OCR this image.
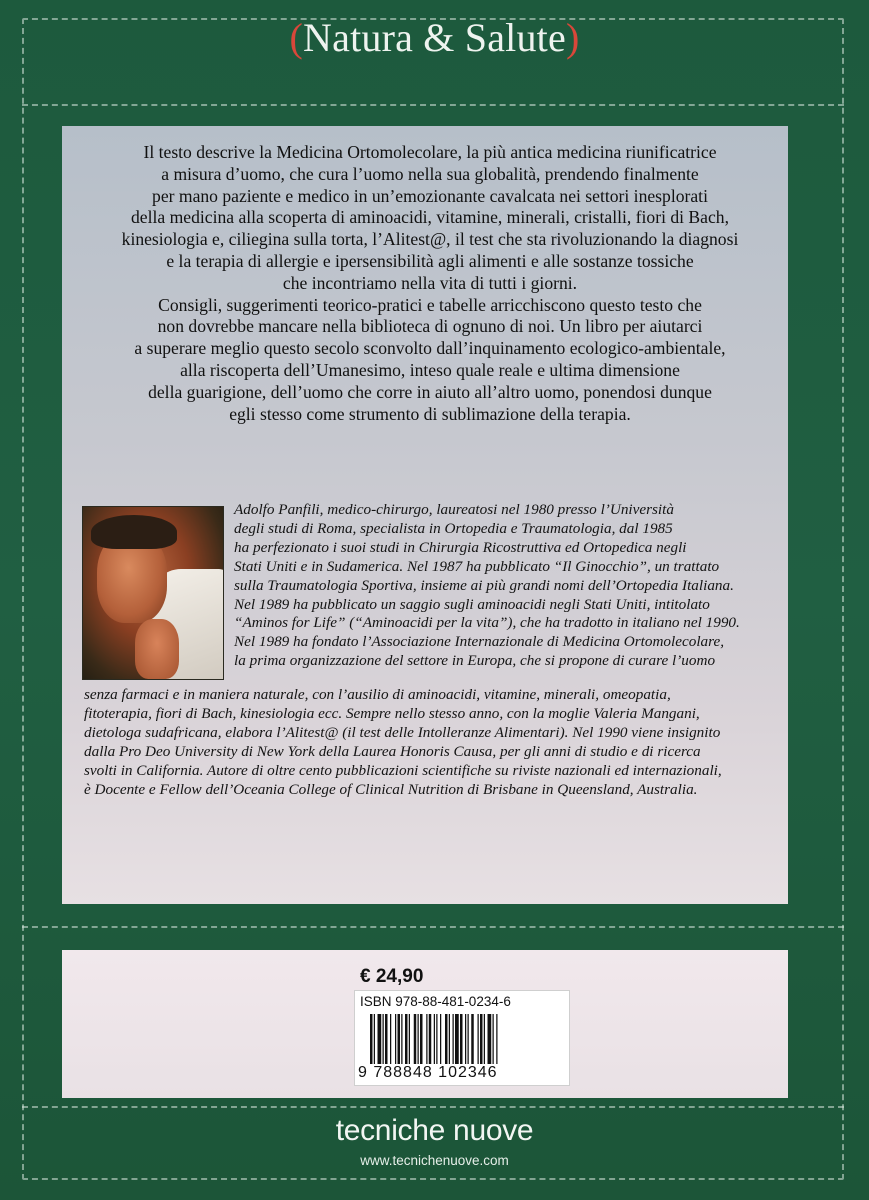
(Natura & Salute)
Il testo descrive la Medicina Ortomolecolare, la più antica medicina riunificatrice
a misura d’uomo, che cura l’uomo nella sua globalità, prendendo finalmente
per mano paziente e medico in un’emozionante cavalcata nei settori inesplorati
della medicina alla scoperta di aminoacidi, vitamine, minerali, cristalli, fiori di Bach,
kinesiologia e, ciliegina sulla torta, l’Alitest@, il test che sta rivoluzionando la diagnosi
e la terapia di allergie e ipersensibilità agli alimenti e alle sostanze tossiche
che incontriamo nella vita di tutti i giorni.
Consigli, suggerimenti teorico-pratici e tabelle arricchiscono questo testo che
non dovrebbe mancare nella biblioteca di ognuno di noi. Un libro per aiutarci
a superare meglio questo secolo sconvolto dall’inquinamento ecologico-ambientale,
alla riscoperta dell’Umanesimo, inteso quale reale e ultima dimensione
della guarigione, dell’uomo che corre in aiuto all’altro uomo, ponendosi dunque
egli stesso come strumento di sublimazione della terapia.
Adolfo Panfili, medico-chirurgo, laureatosi nel 1980 presso l’Università
degli studi di Roma, specialista in Ortopedia e Traumatologia, dal 1985
ha perfezionato i suoi studi in Chirurgia Ricostruttiva ed Ortopedica negli
Stati Uniti e in Sudamerica. Nel 1987 ha pubblicato “Il Ginocchio”, un trattato
sulla Traumatologia Sportiva, insieme ai più grandi nomi dell’Ortopedia Italiana.
Nel 1989 ha pubblicato un saggio sugli aminoacidi negli Stati Uniti, intitolato
“Aminos for Life” (“Aminoacidi per la vita”), che ha tradotto in italiano nel 1990.
Nel 1989 ha fondato l’Associazione Internazionale di Medicina Ortomolecolare,
la prima organizzazione del settore in Europa, che si propone di curare l’uomo
senza farmaci e in maniera naturale, con l’ausilio di aminoacidi, vitamine, minerali, omeopatia,
fitoterapia, fiori di Bach, kinesiologia ecc. Sempre nello stesso anno, con la moglie Valeria Mangani,
dietologa sudafricana, elabora l’Alitest@ (il test delle Intolleranze Alimentari). Nel 1990 viene insignito
dalla Pro Deo University di New York della Laurea Honoris Causa, per gli anni di studio e di ricerca
svolti in California. Autore di oltre cento pubblicazioni scientifiche su riviste nazionali ed internazionali,
è Docente e Fellow dell’Oceania College of Clinical Nutrition di Brisbane in Queensland, Australia.
€ 24,90
ISBN 978-88-481-0234-6
9 788848 102346
tecniche nuove
www.tecnichenuove.com
